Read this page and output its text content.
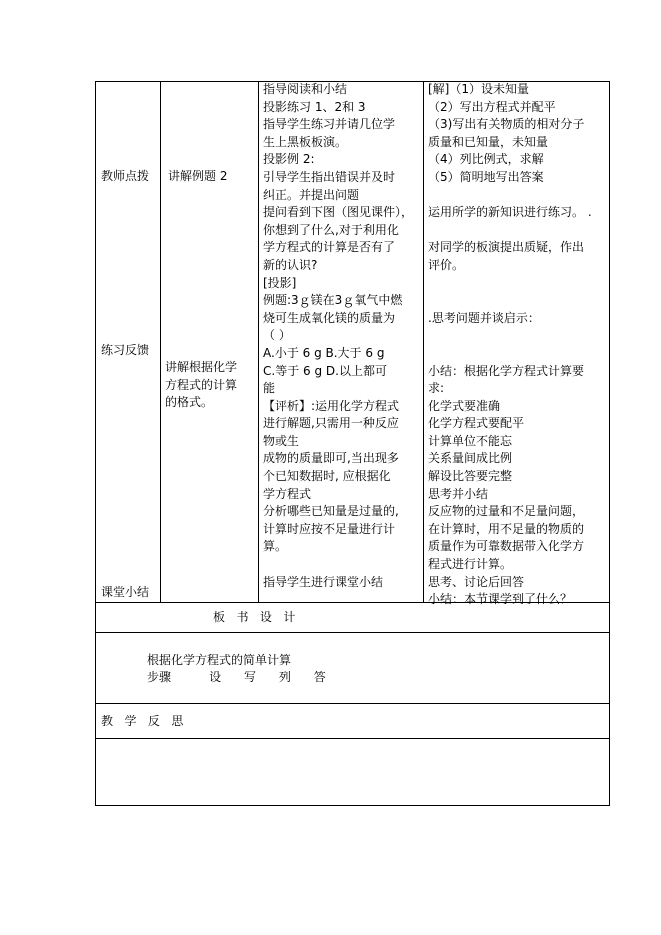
教师点拨
练习反馈
课堂小结
讲解例题 2
讲解根据化学
方程式的计算
的格式。
指导阅读和小结
投影练习 1、2和 3
指导学生练习并请几位学
生上黑板板演。
投影例 2:
引导学生指出错误并及时
纠正。并提出问题
提问看到下图（图见课件），
你想到了什么,对于利用化
学方程式的计算是否有了
新的认识?
[投影]
例题:3ｇ镁在3ｇ氧气中燃
烧可生成氧化镁的质量为
（ ）
A.小于 6 g B.大于 6 g
C.等于 6 g D.以上都可
能
【评析】:运用化学方程式
进行解题,只需用一种反应
物或生
成物的质量即可,当出现多
个已知数据时, 应根据化
学方程式
分析哪些已知量是过量的,
计算时应按不足量进行计
算。

指导学生进行课堂小结
[解]（1）设未知量
（2）写出方程式并配平
（3)写出有关物质的相对分子
质量和已知量，未知量
（4）列比例式，求解
（5）简明地写出答案

运用所学的新知识进行练习。 .

对同学的板演提出质疑，作出
评价。

.思考问题并谈启示：

小结：根据化学方程式计算要
求:
化学式要准确
化学方程式要配平
计算单位不能忘
关系量间成比例
解设比答要完整
思考并小结
反应物的过量和不足量问题，
在计算时，用不足量的物质的
质量作为可靠数据带入化学方
程式进行计算。
思考、讨论后回答
小结：本节课学到了什么？
板   书   设   计
根据化学方程式的简单计算
步骤          设      写      列      答
教   学   反   思
